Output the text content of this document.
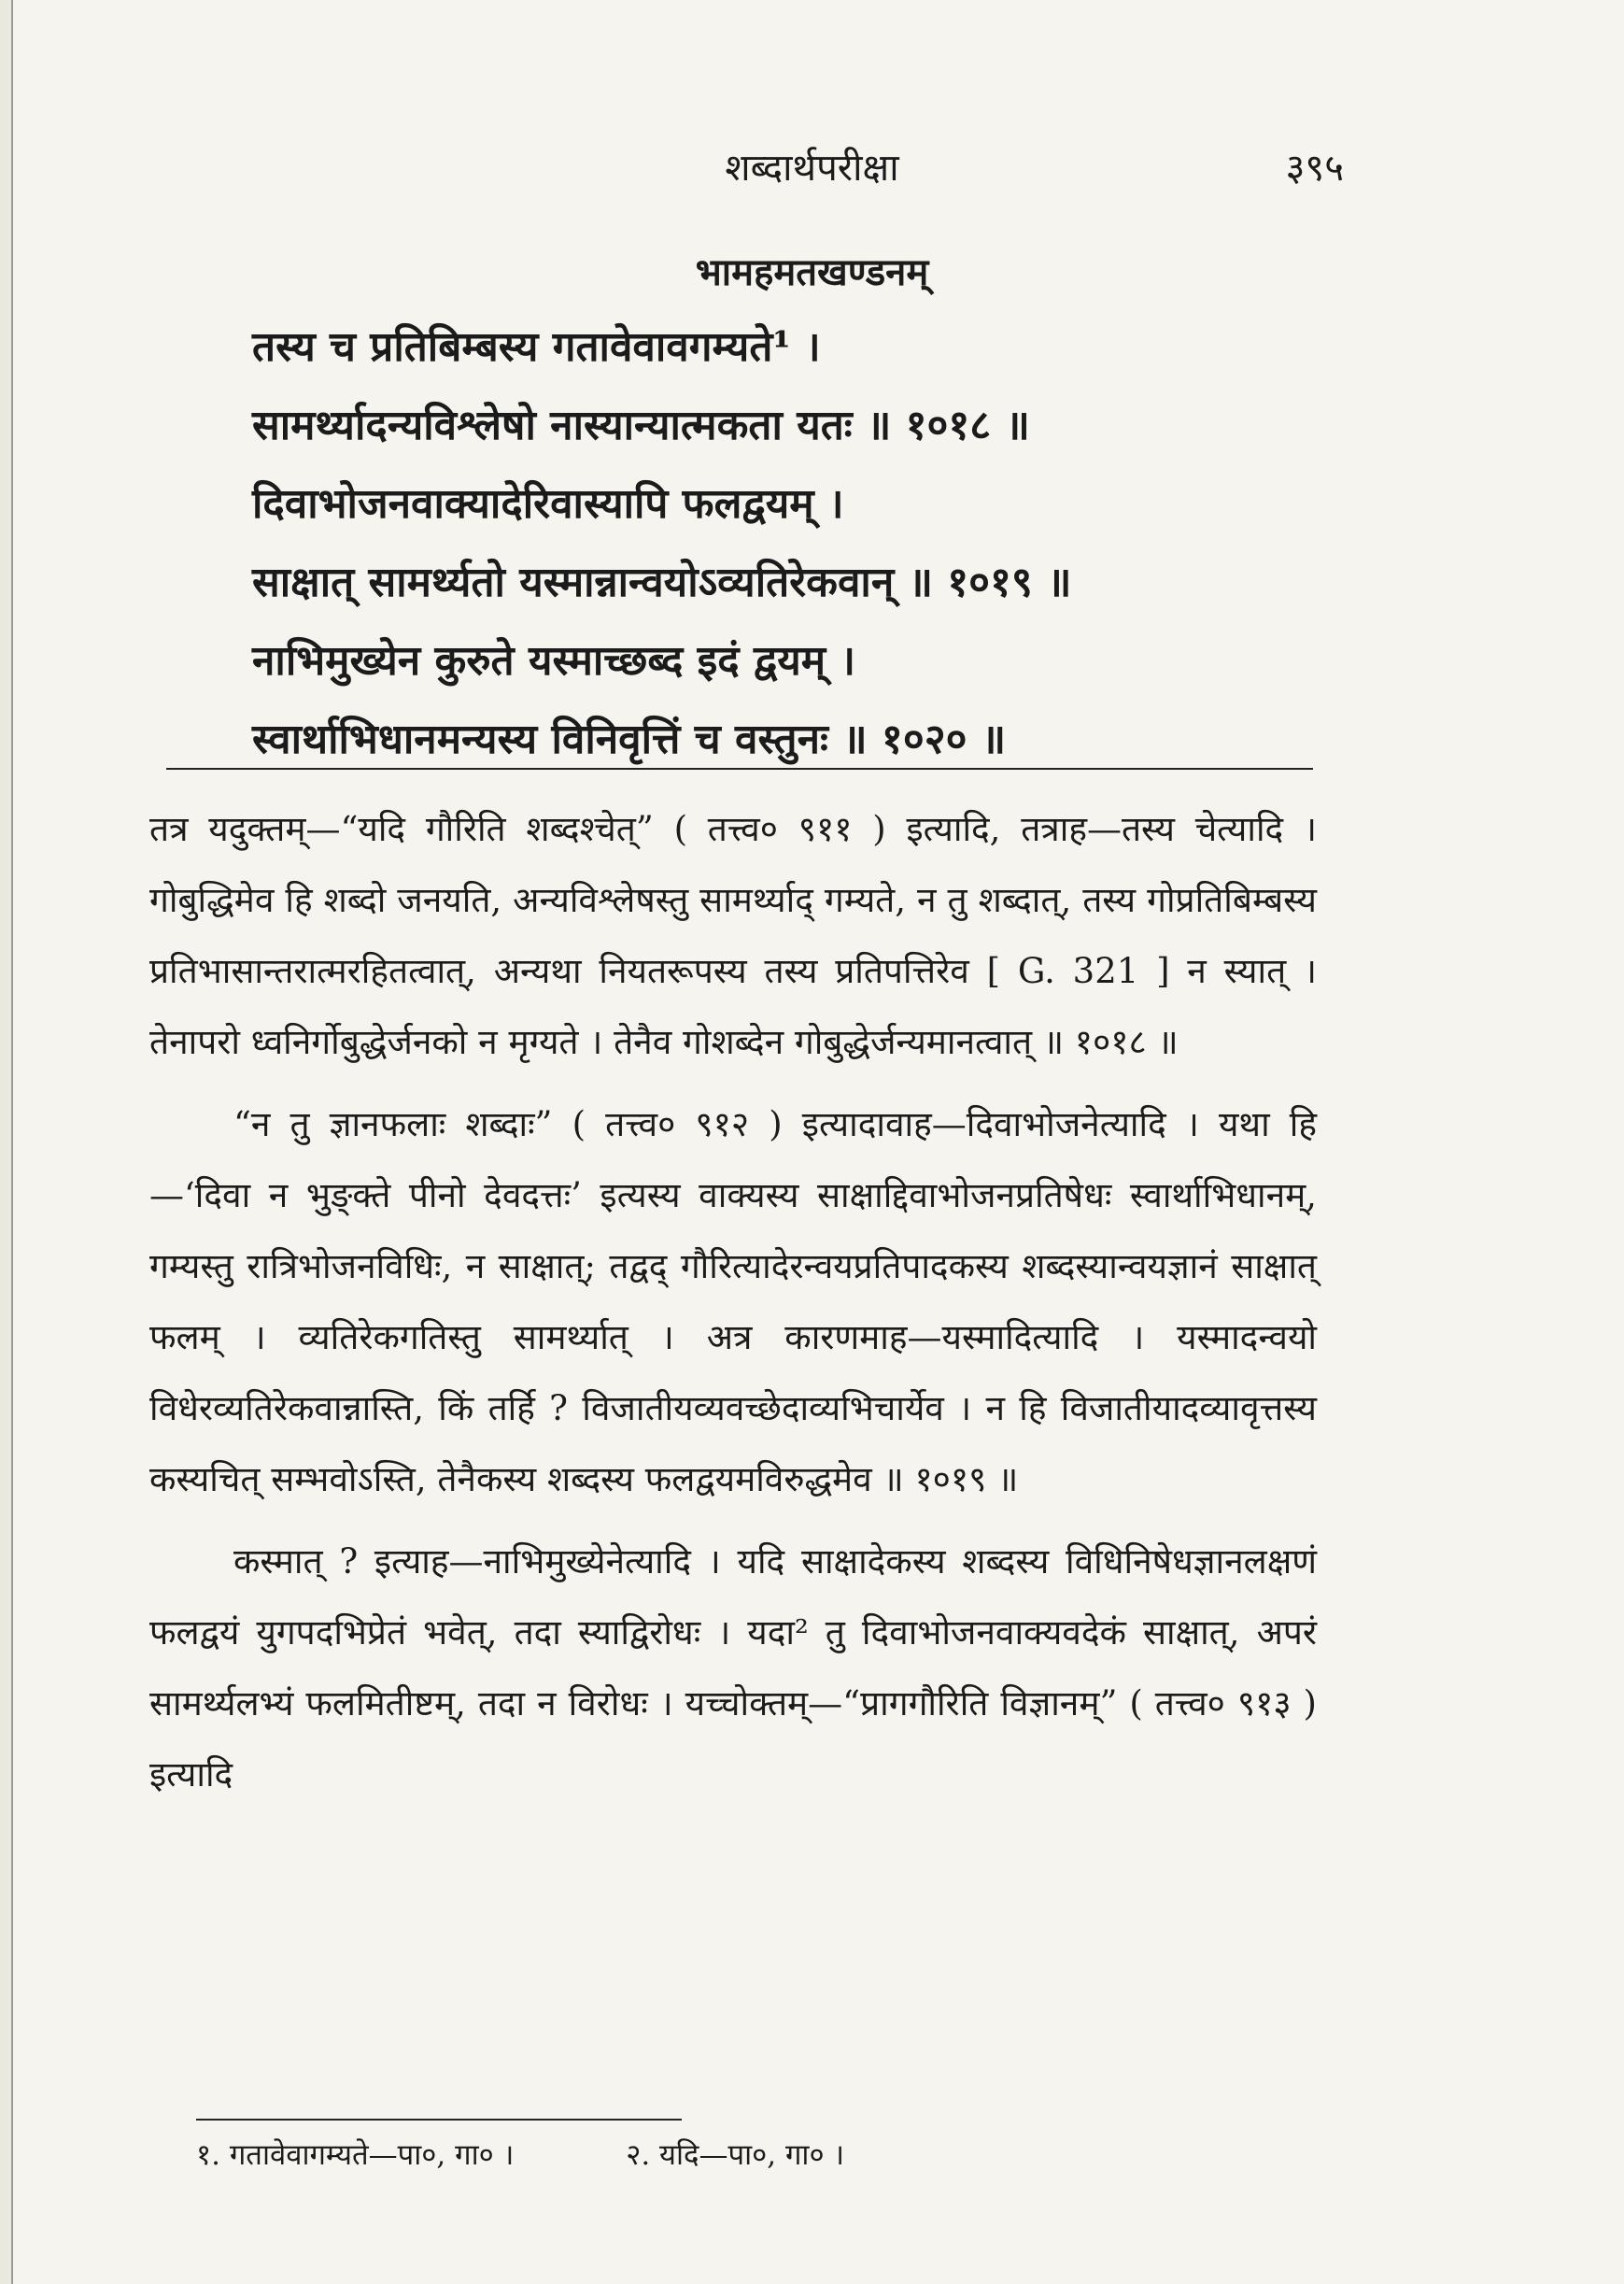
शब्दार्थपरीक्षा	३९५
भामहमतखण्डनम्
तस्य च प्रतिबिम्बस्य गतावेवावगम्यते¹ ।
सामर्थ्यादन्यविश्लेषो नास्यान्यात्मकता यतः ॥ १०१८ ॥
दिवाभोजनवाक्यादेरिवास्यापि फलद्वयम् ।
साक्षात् सामर्थ्यतो यस्मान्नान्वयोऽव्यतिरेकवान् ॥ १०१९ ॥
नाभिमुख्येन कुरुते यस्माच्छब्द इदं द्वयम् ।
स्वार्थाभिधानमन्यस्य विनिवृत्तिं च वस्तुनः ॥ १०२० ॥

तत्र यदुक्तम्—“यदि गौरिति शब्दश्चेत्” ( तत्त्व० ९११ ) इत्यादि, तत्राह—तस्य चेत्यादि । गोबुद्धिमेव हि शब्दो जनयति, अन्यविश्लेषस्तु सामर्थ्याद् गम्यते, न तु शब्दात्, तस्य गोप्रतिबिम्बस्य प्रतिभासान्तरात्मरहितत्वात्, अन्यथा नियतरूपस्य तस्य प्रतिपत्तिरेव [ G. 321 ] न स्यात् । तेनापरो ध्वनिर्गोबुद्धेर्जनको न मृग्यते । तेनैव गोशब्देन गोबुद्धेर्जन्यमानत्वात् ॥ १०१८ ॥

“न तु ज्ञानफलाः शब्दाः” ( तत्त्व० ९१२ ) इत्यादावाह—दिवाभोजनेत्यादि । यथा हि—‘दिवा न भुङ्क्ते पीनो देवदत्तः’ इत्यस्य वाक्यस्य साक्षाद्दिवाभोजनप्रतिषेधः स्वार्थाभिधानम्, गम्यस्तु रात्रिभोजनविधिः, न साक्षात्; तद्वद् गौरित्यादेरन्वयप्रतिपादकस्य शब्दस्यान्वयज्ञानं साक्षात् फलम् । व्यतिरेकगतिस्तु सामर्थ्यात् । अत्र कारणमाह—यस्मादित्यादि । यस्मादन्वयो विधेरव्यतिरेकवान्नास्ति, किं तर्हि ? विजातीयव्यवच्छेदाव्यभिचार्येव । न हि विजातीयादव्यावृत्तस्य कस्यचित् सम्भवोऽस्ति, तेनैकस्य शब्दस्य फलद्वयमविरुद्धमेव ॥ १०१९ ॥

कस्मात् ? इत्याह—नाभिमुख्येनेत्यादि । यदि साक्षादेकस्य शब्दस्य विधिनिषेधज्ञानलक्षणं फलद्वयं युगपदभिप्रेतं भवेत्, तदा स्याद्विरोधः । यदा² तु दिवाभोजनवाक्यवदेकं साक्षात्, अपरं सामर्थ्यलभ्यं फलमितीष्टम्, तदा न विरोधः । यच्चोक्तम्—“प्रागगौरिति विज्ञानम्” ( तत्त्व० ९१३ ) इत्यादि

१. गतावेवागम्यते—पा०, गा० ।	२. यदि—पा०, गा० ।
